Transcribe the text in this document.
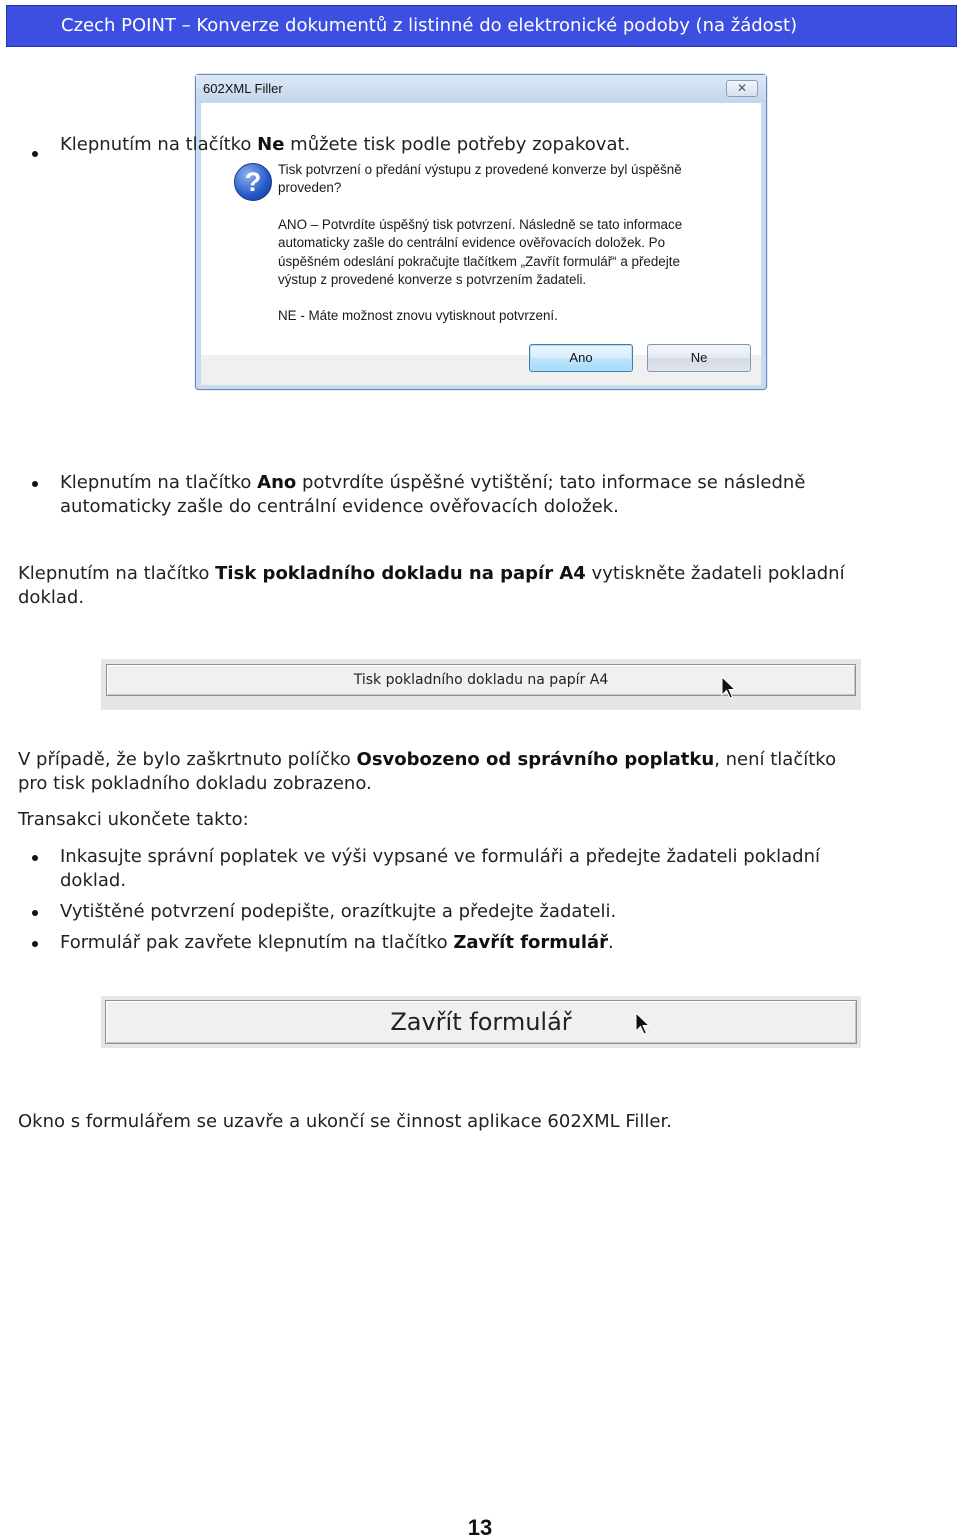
Czech POINT – Konverze dokumentů z listinné do elektronické podoby (na žádost)
602XML Filler	✕
?	Tisk potvrzení o předání výstupu z provedené konverze byl úspěšně
proveden?
ANO – Potvrdíte úspěšný tisk potvrzení. Následně se tato informace
automaticky zašle do centrální evidence ověřovacích doložek. Po
úspěšném odeslání pokračujte tlačítkem „Zavřít formulář“ a předejte
výstup z provedené konverze s potvrzením žadateli.
NE - Máte možnost znovu vytisknout potvrzení.
Ano	Ne
Klepnutím na tlačítko Ne můžete tisk podle potřeby zopakovat.
Klepnutím na tlačítko Ano potvrdíte úspěšné vytištění; tato informace se následně
automaticky zašle do centrální evidence ověřovacích doložek.
Klepnutím na tlačítko Tisk pokladního dokladu na papír A4 vytiskněte žadateli pokladní
doklad.
Tisk pokladního dokladu na papír A4
V případě, že bylo zaškrtnuto políčko Osvobozeno od správního poplatku, není tlačítko
pro tisk pokladního dokladu zobrazeno.
Transakci ukončete takto:
Inkasujte správní poplatek ve výši vypsané ve formuláři a předejte žadateli pokladní
doklad.
Vytištěné potvrzení podepište, orazítkujte a předejte žadateli.
Formulář pak zavřete klepnutím na tlačítko Zavřít formulář.
Zavřít formulář
Okno s formulářem se uzavře a ukončí se činnost aplikace 602XML Filler.
13
